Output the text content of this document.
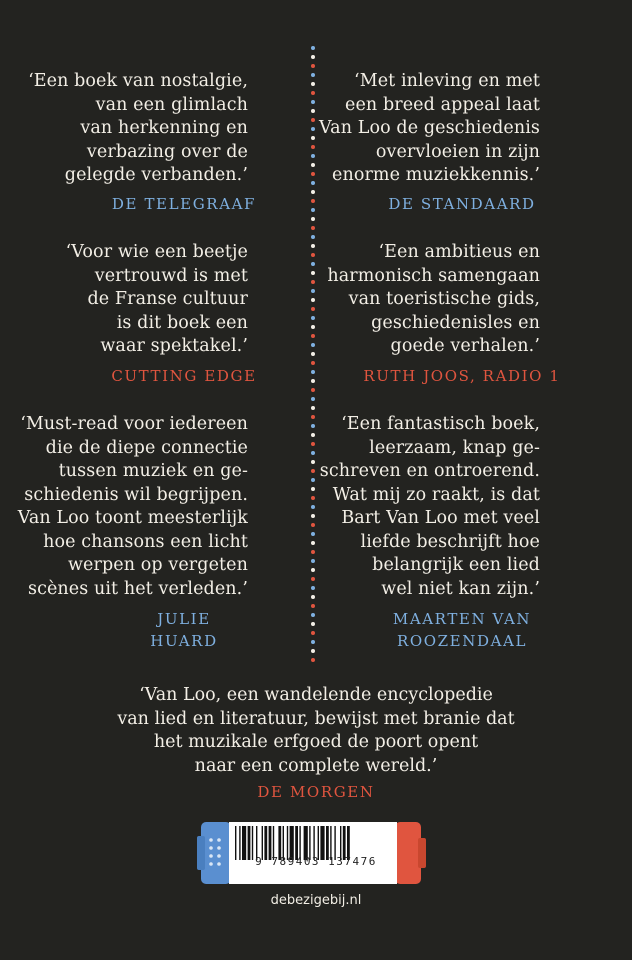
‘Een boek van nostalgie,
van een glimlach
van herkenning en
verbazing over de
gelegde verbanden.’
DE TELEGRAAF
‘Voor wie een beetje
vertrouwd is met
de Franse cultuur
is dit boek een
waar spektakel.’
CUTTING EDGE
‘Must-read voor iedereen
die de diepe connectie
tussen muziek en ge-
schiedenis wil begrijpen.
Van Loo toont meesterlijk
hoe chansons een licht
werpen op vergeten
scènes uit het verleden.’
JULIE
HUARD
‘Met inleving en met
een breed appeal laat
Van Loo de geschiedenis
overvloeien in zijn
enorme muziekkennis.’
DE STANDAARD
‘Een ambitieus en
harmonisch samengaan
van toeristische gids,
geschiedenisles en
goede verhalen.’
RUTH JOOS, RADIO 1
‘Een fantastisch boek,
leerzaam, knap ge-
schreven en ontroerend.
Wat mij zo raakt, is dat
Bart Van Loo met veel
liefde beschrijft hoe
belangrijk een lied
wel niet kan zijn.’
MAARTEN VAN
ROOZENDAAL
‘Van Loo, een wandelende encyclopedie
van lied en literatuur, bewijst met branie dat
het muzikale erfgoed de poort opent
naar een complete wereld.’
DE MORGEN
9 789403 137476
debezigebij.nl
